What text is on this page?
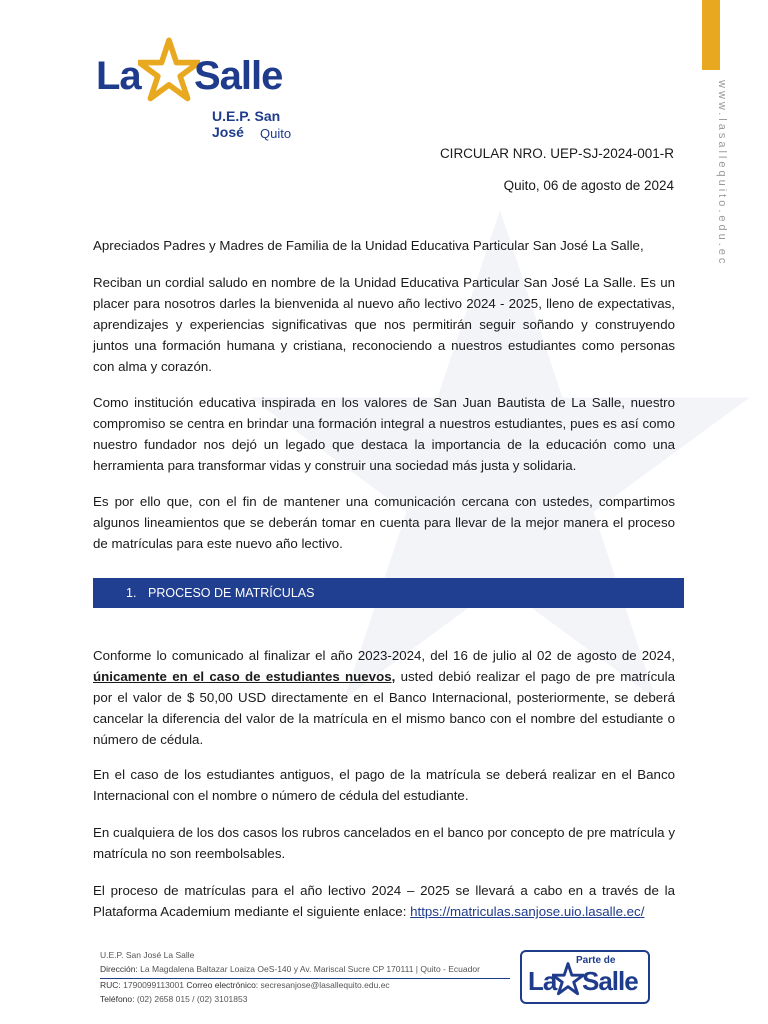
www.lasallequito.edu.ec
La Salle
U.E.P. San José	Quito
CIRCULAR NRO. UEP-SJ-2024-001-R
Quito, 06 de agosto de 2024

Apreciados Padres y Madres de Familia de la Unidad Educativa Particular San José La Salle,

Reciban un cordial saludo en nombre de la Unidad Educativa Particular San José La Salle. Es un placer para nosotros darles la bienvenida al nuevo año lectivo 2024 - 2025, lleno de expectativas, aprendizajes y experiencias significativas que nos permitirán seguir soñando y construyendo juntos una formación humana y cristiana, reconociendo a nuestros estudiantes como personas con alma y corazón.

Como institución educativa inspirada en los valores de San Juan Bautista de La Salle, nuestro compromiso se centra en brindar una formación integral a nuestros estudiantes, pues es así como nuestro fundador nos dejó un legado que destaca la importancia de la educación como una herramienta para transformar vidas y construir una sociedad más justa y solidaria.

Es por ello que, con el fin de mantener una comunicación cercana con ustedes, compartimos algunos lineamientos que se deberán tomar en cuenta para llevar de la mejor manera el proceso de matrículas para este nuevo año lectivo.

1. PROCESO DE MATRÍCULAS

Conforme lo comunicado al finalizar el año 2023-2024, del 16 de julio al 02 de agosto de 2024, únicamente en el caso de estudiantes nuevos, usted debió realizar el pago de pre matrícula por el valor de $ 50,00 USD directamente en el Banco Internacional, posteriormente, se deberá cancelar la diferencia del valor de la matrícula en el mismo banco con el nombre del estudiante o número de cédula.

En el caso de los estudiantes antiguos, el pago de la matrícula se deberá realizar en el Banco Internacional con el nombre o número de cédula del estudiante.

En cualquiera de los dos casos los rubros cancelados en el banco por concepto de pre matrícula y matrícula no son reembolsables.

El proceso de matrículas para el año lectivo 2024 – 2025 se llevará a cabo en a través de la Plataforma Academium mediante el siguiente enlace: https://matriculas.sanjose.uio.lasalle.ec/

U.E.P. San José La Salle
Dirección: La Magdalena Baltazar Loaiza OeS-140 y Av. Mariscal Sucre CP 170111 | Quito - Ecuador
RUC: 1790099113001 Correo electrónico: secresanjose@lasallequito.edu.ec
Teléfono: (02) 2658 015 / (02) 3101853
Parte de
La Salle
